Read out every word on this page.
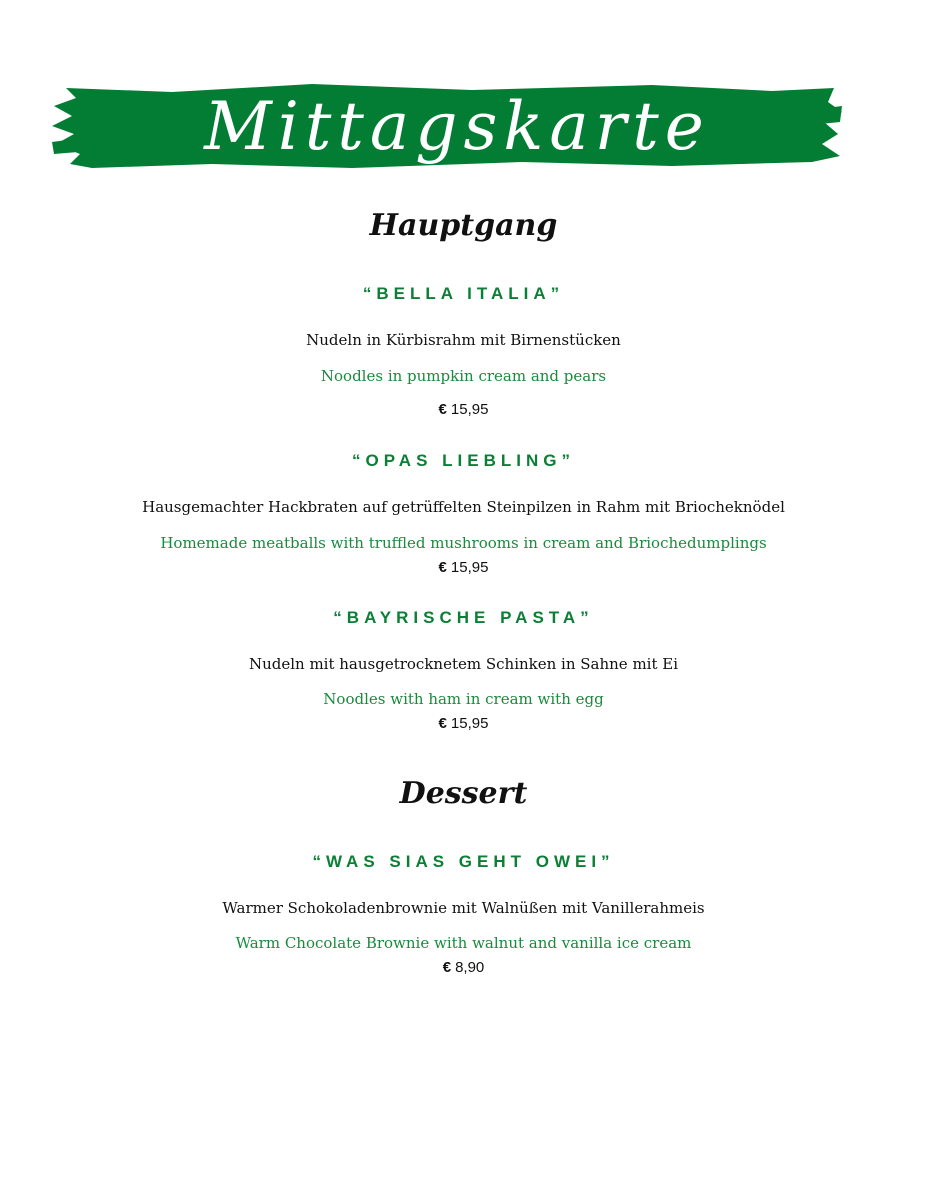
Mittagskarte
Hauptgang
“BELLA ITALIA”
Nudeln in Kürbisrahm mit Birnenstücken
Noodles in pumpkin cream and pears
€ 15,95
“OPAS LIEBLING”
Hausgemachter Hackbraten auf getrüffelten Steinpilzen in Rahm mit Briocheknödel
Homemade meatballs with truffled mushrooms in cream and Briochedumplings
€ 15,95
“BAYRISCHE PASTA”
Nudeln mit hausgetrocknetem Schinken in Sahne mit Ei
Noodles with ham in cream with egg
€ 15,95
Dessert
“WAS SIAS GEHT OWEI”
Warmer Schokoladenbrownie mit Walnüßen mit Vanillerahmeis
Warm Chocolate Brownie with walnut and vanilla ice cream
€ 8,90
